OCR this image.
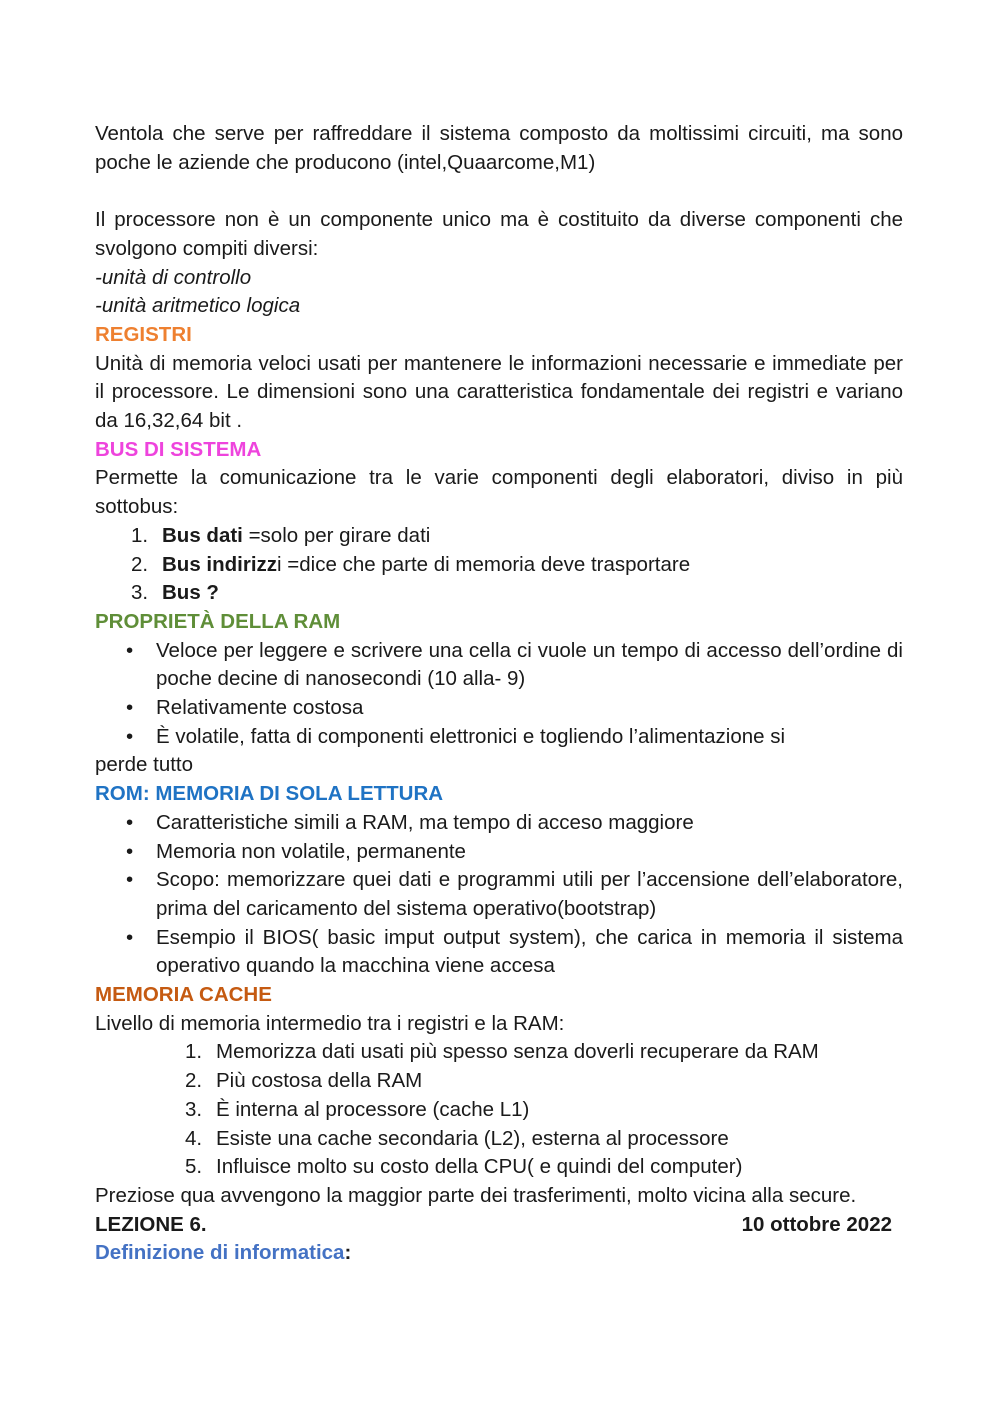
Ventola che serve per raffreddare il sistema composto da moltissimi circuiti, ma sono poche le aziende che producono (intel,Quaarcome,M1)

Il processore non è un componente unico ma è costituito da diverse componenti che svolgono compiti diversi:

-unità di controllo

-unità aritmetico logica

REGISTRI

Unità di memoria veloci usati per mantenere le informazioni necessarie e immediate per il processore. Le dimensioni sono una caratteristica fondamentale dei registri e variano da 16,32,64 bit .

BUS DI SISTEMA

Permette la comunicazione tra le varie componenti degli elaboratori, diviso in più sottobus:

1. Bus dati =solo per girare dati
2. Bus indirizzi =dice che parte di memoria deve trasportare
3. Bus ?

PROPRIETÀ DELLA RAM

• Veloce per leggere e scrivere una cella ci vuole un tempo di accesso dell’ordine di poche decine di nanosecondi (10 alla- 9)
• Relativamente costosa
• È volatile, fatta di componenti elettronici e togliendo l’alimentazione si

perde tutto

ROM: MEMORIA DI SOLA LETTURA

• Caratteristiche simili a RAM, ma tempo di acceso maggiore
• Memoria non volatile, permanente
• Scopo: memorizzare quei dati e programmi utili per l’accensione dell’elaboratore, prima del caricamento del sistema operativo(bootstrap)
• Esempio il BIOS( basic imput output system), che carica in memoria il sistema operativo quando la macchina viene accesa

MEMORIA CACHE

Livello di memoria intermedio tra i registri e la RAM:

1. Memorizza dati usati più spesso senza doverli recuperare da RAM
2. Più costosa della RAM
3. È interna al processore (cache L1)
4. Esiste una cache secondaria (L2), esterna al processore
5. Influisce molto su costo della CPU( e quindi del computer)

Preziose qua avvengono la maggior parte dei trasferimenti, molto vicina alla secure.

LEZIONE 6.	10 ottobre 2022

Definizione di informatica:
